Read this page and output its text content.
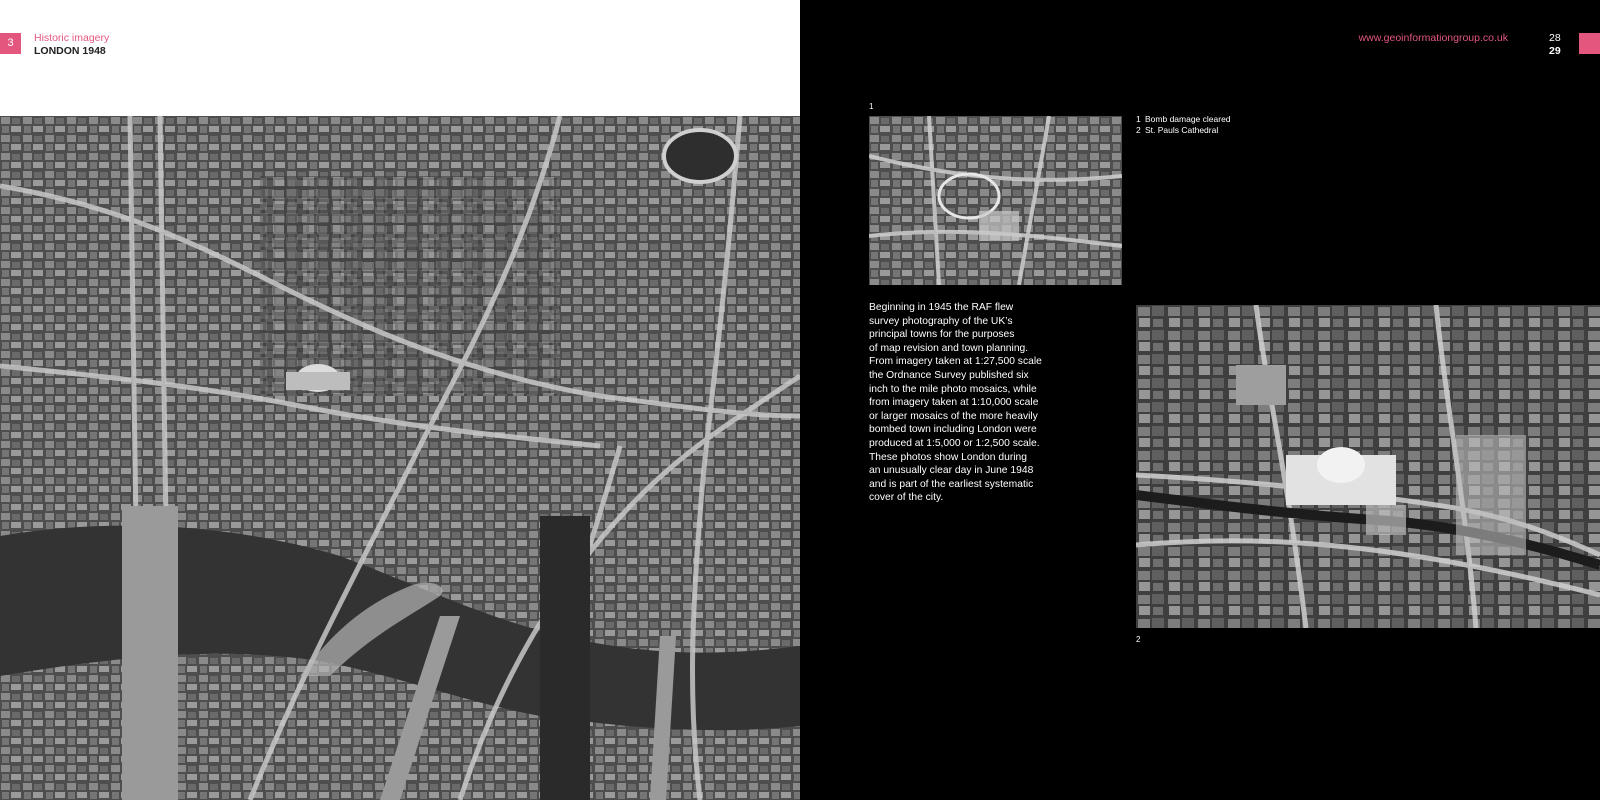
3	Historic imagery
LONDON 1948
www.geoinformationgroup.co.uk	28
29
1
1 Bomb damage cleared
2 St. Pauls Cathedral

Beginning in 1945 the RAF flew
survey photography of the UK’s
principal towns for the purposes
of map revision and town planning.
From imagery taken at 1:27,500 scale
the Ordnance Survey published six
inch to the mile photo mosaics, while
from imagery taken at 1:10,000 scale
or larger mosaics of the more heavily
bombed town including London were
produced at 1:5,000 or 1:2,500 scale.
These photos show London during
an unusually clear day in June 1948
and is part of the earliest systematic
cover of the city.

2
